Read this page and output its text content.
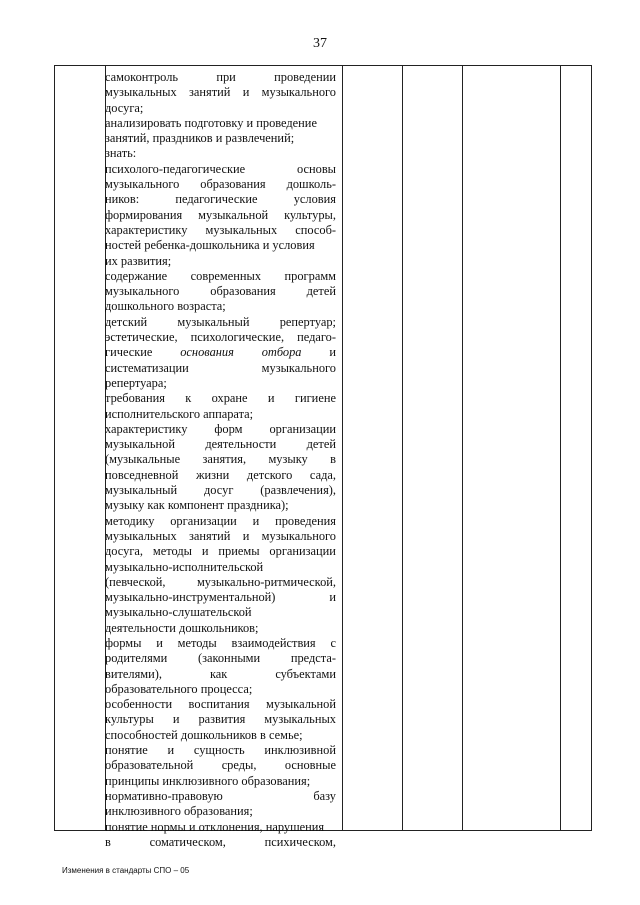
37
самоконтроль	при	проведении
музыкальных занятий и музыкального
досуга;
анализировать подготовку и проведение
занятий, праздников и развлечений;
знать:
психолого-педагогические	основы
музыкального образования дошколь-
ников:	педагогические	условия
формирования музыкальной культуры,
характеристику музыкальных способ-
ностей ребенка-дошкольника и условия
их развития;
содержание современных программ
музыкального образования детей
дошкольного возраста;
детский музыкальный репертуар;
эстетические, психологические, педаго-
гические основания отбора и
систематизации	музыкального
репертуара;
требования к охране и гигиене
исполнительского аппарата;
характеристику форм организации
музыкальной деятельности детей
(музыкальные занятия, музыку в
повседневной жизни детского сада,
музыкальный досуг (развлечения),
музыку как компонент праздника);
методику организации и проведения
музыкальных занятий и музыкального
досуга, методы и приемы организации
музыкально-исполнительской
(певческой,	музыкально-ритмической,
музыкально-инструментальной)	и
музыкально-слушательской
деятельности дошкольников;
формы и методы взаимодействия с
родителями (законными предста-
вителями),	как	субъектами
образовательного процесса;
особенности воспитания музыкальной
культуры и развития музыкальных
способностей дошкольников в семье;
понятие и сущность инклюзивной
образовательной среды, основные
принципы инклюзивного образования;
нормативно-правовую	базу
инклюзивного образования;
понятие нормы и отклонения, нарушения
в	соматическом,	психическом,
Изменения в стандарты СПО – 05
